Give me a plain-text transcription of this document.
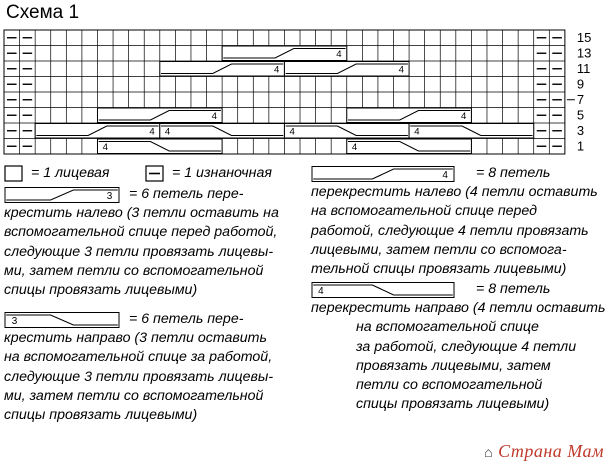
Схема 1
4
4	4
4	4
4 4	4	4
4	4
15
13
11
9
7
5
3
1
= 1 лицевая	= 1 изнаночная
3	= 6 петель пере-
крестить налево (3 петли оставить на
вспомогательной спице перед работой,
следующие 3 петли провязать лицевы-
ми, затем петли со вспомогательной
спицы провязать лицевыми)
3	= 6 петель пере-
крестить направо (3 петли оставить
на вспомогательной спице за работой,
следующие 3 петли провязать лицевы-
ми, затем петли со вспомогательной
спицы провязать лицевыми)
4	= 8 петель
перекрестить налево (4 петли оставить
на вспомогательной спице перед
работой, следующие 4 петли провязать
лицевыми, затем петли со вспомога-
тельной спицы провязать лицевыми)
4	= 8 петель
перекрестить направо (4 петли оставить
на вспомогательной спице
за работой, следующие 4 петли
провязать лицевыми, затем
петли со вспомогательной
спицы провязать лицевыми)
⌂ Страна Мам
